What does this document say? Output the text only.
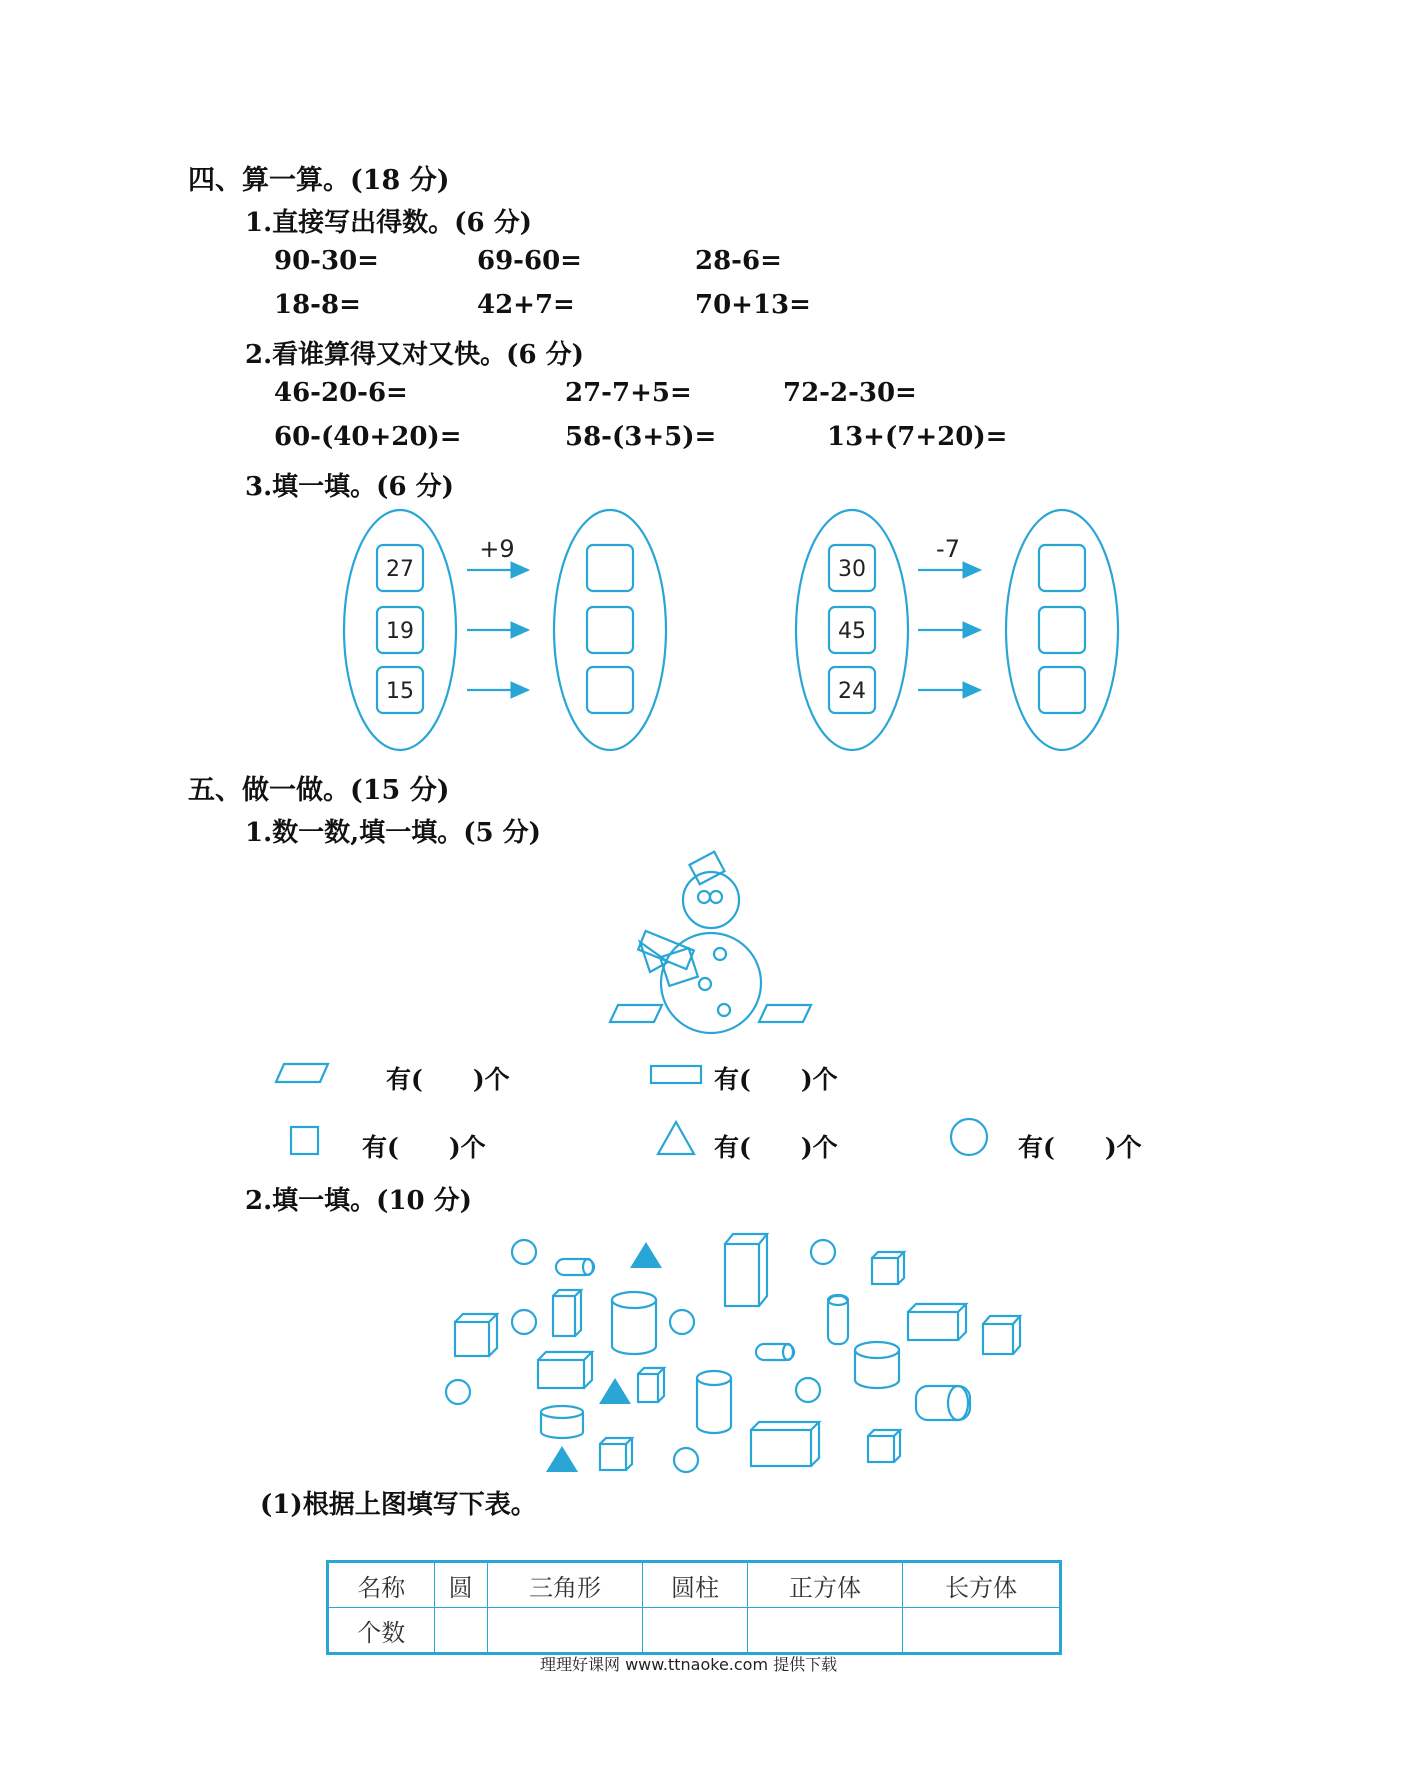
四、算一算。(18 分)
1.直接写出得数。(6 分)
90-30=	69-60=	28-6=
18-8=	42+7=	70+13=
2.看谁算得又对又快。(6 分)
46-20-6=	27-7+5=	72-2-30=
60-(40+20)=	58-(3+5)=	13+(7+20)=
3.填一填。(6 分)
27
19
15
+9
30
45
24
-7
五、做一做。(15 分)
1.数一数,填一填。(5 分)
有(　　)个	有(　　)个
有(　　)个	有(　　)个	有(　　)个
2.填一填。(10 分)
(1)根据上图填写下表。
名称	圆	三角形	圆柱	正方体	长方体
个数					
理理好课网 www.ttnaoke.com 提供下载
